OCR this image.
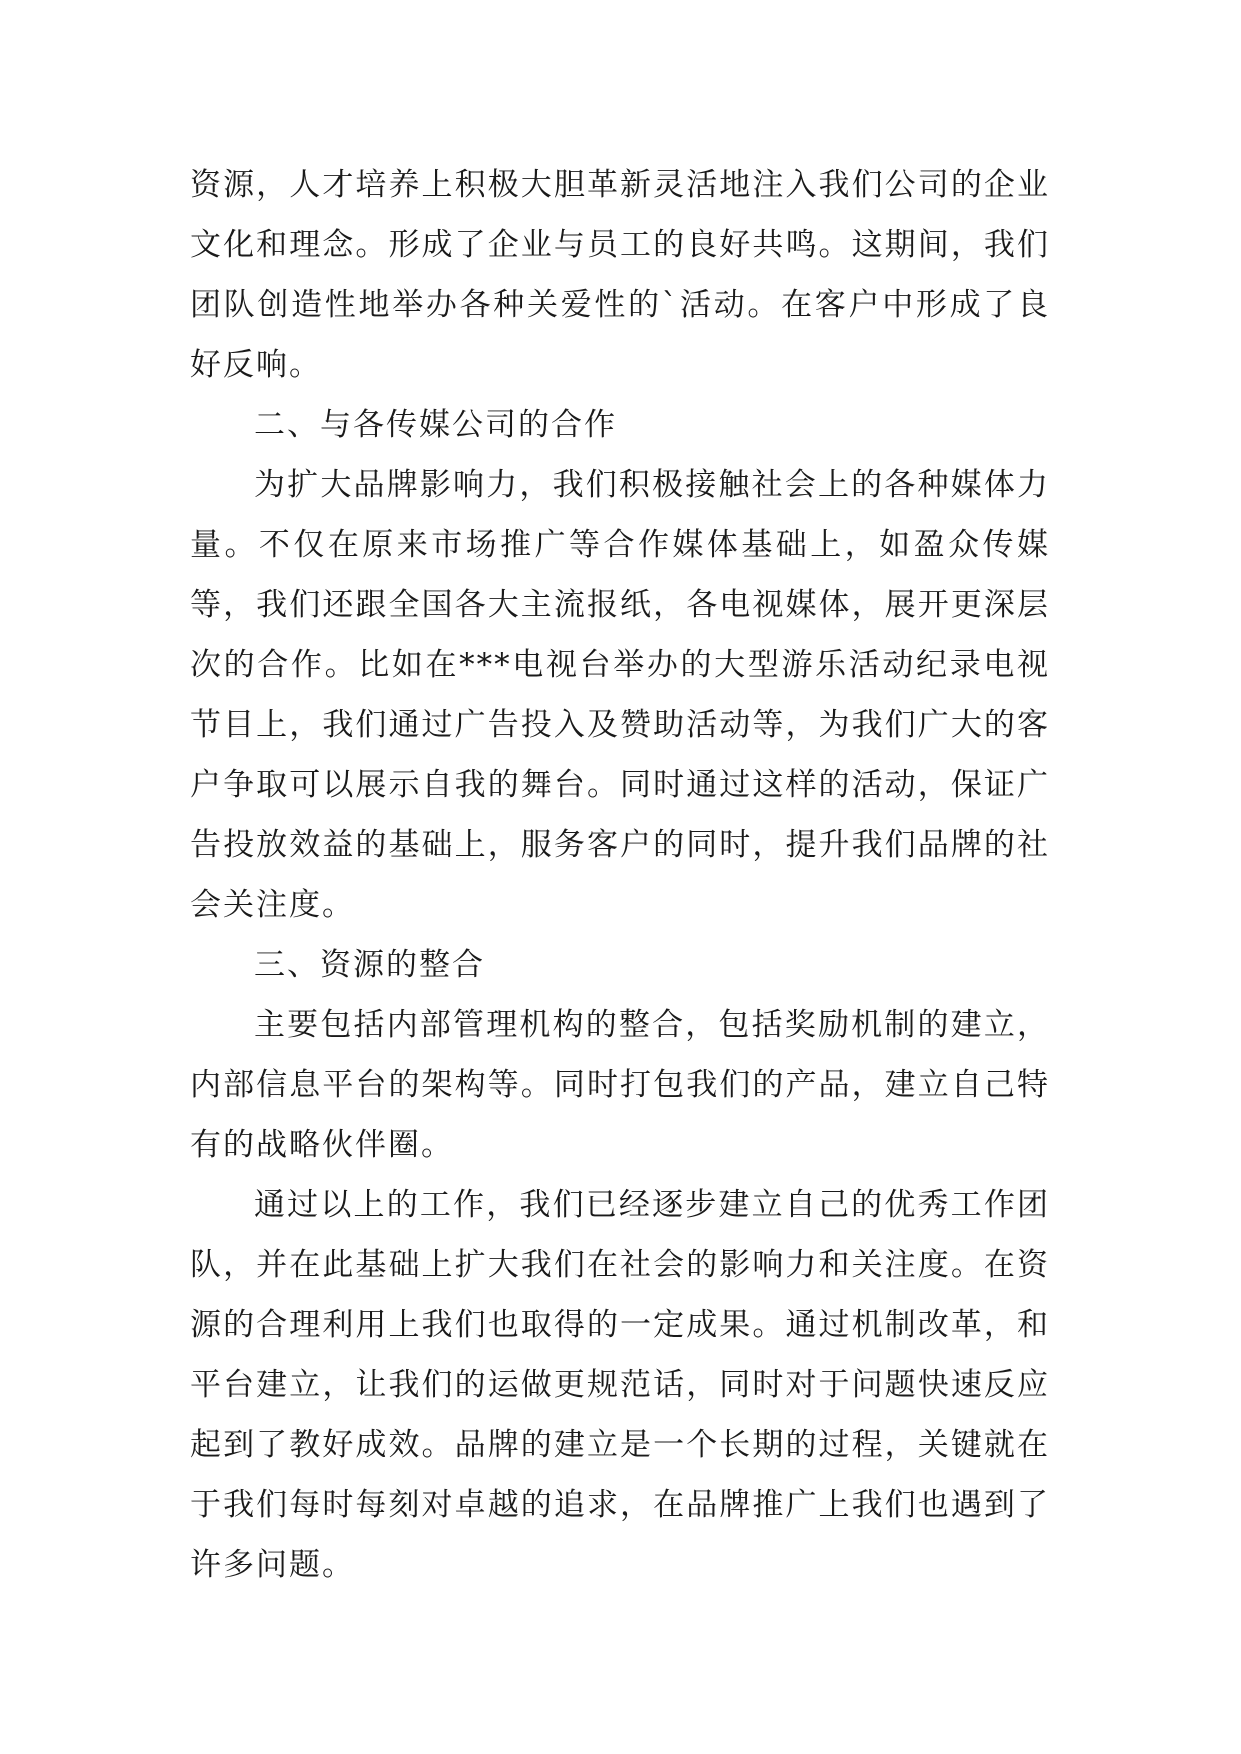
资源，人才培养上积极大胆革新灵活地注入我们公司的企业文化和理念。形成了企业与员工的良好共鸣。这期间，我们团队创造性地举办各种关爱性的`活动。在客户中形成了良好反响。

二、与各传媒公司的合作

为扩大品牌影响力，我们积极接触社会上的各种媒体力量。不仅在原来市场推广等合作媒体基础上，如盈众传媒等，我们还跟全国各大主流报纸，各电视媒体，展开更深层次的合作。比如在***电视台举办的大型游乐活动纪录电视节目上，我们通过广告投入及赞助活动等，为我们广大的客户争取可以展示自我的舞台。同时通过这样的活动，保证广告投放效益的基础上，服务客户的同时，提升我们品牌的社会关注度。

三、资源的整合

主要包括内部管理机构的整合，包括奖励机制的建立，内部信息平台的架构等。同时打包我们的产品，建立自己特有的战略伙伴圈。

通过以上的工作，我们已经逐步建立自己的优秀工作团队，并在此基础上扩大我们在社会的影响力和关注度。在资源的合理利用上我们也取得的一定成果。通过机制改革，和平台建立，让我们的运做更规范话，同时对于问题快速反应起到了教好成效。品牌的建立是一个长期的过程，关键就在于我们每时每刻对卓越的追求，在品牌推广上我们也遇到了许多问题。
